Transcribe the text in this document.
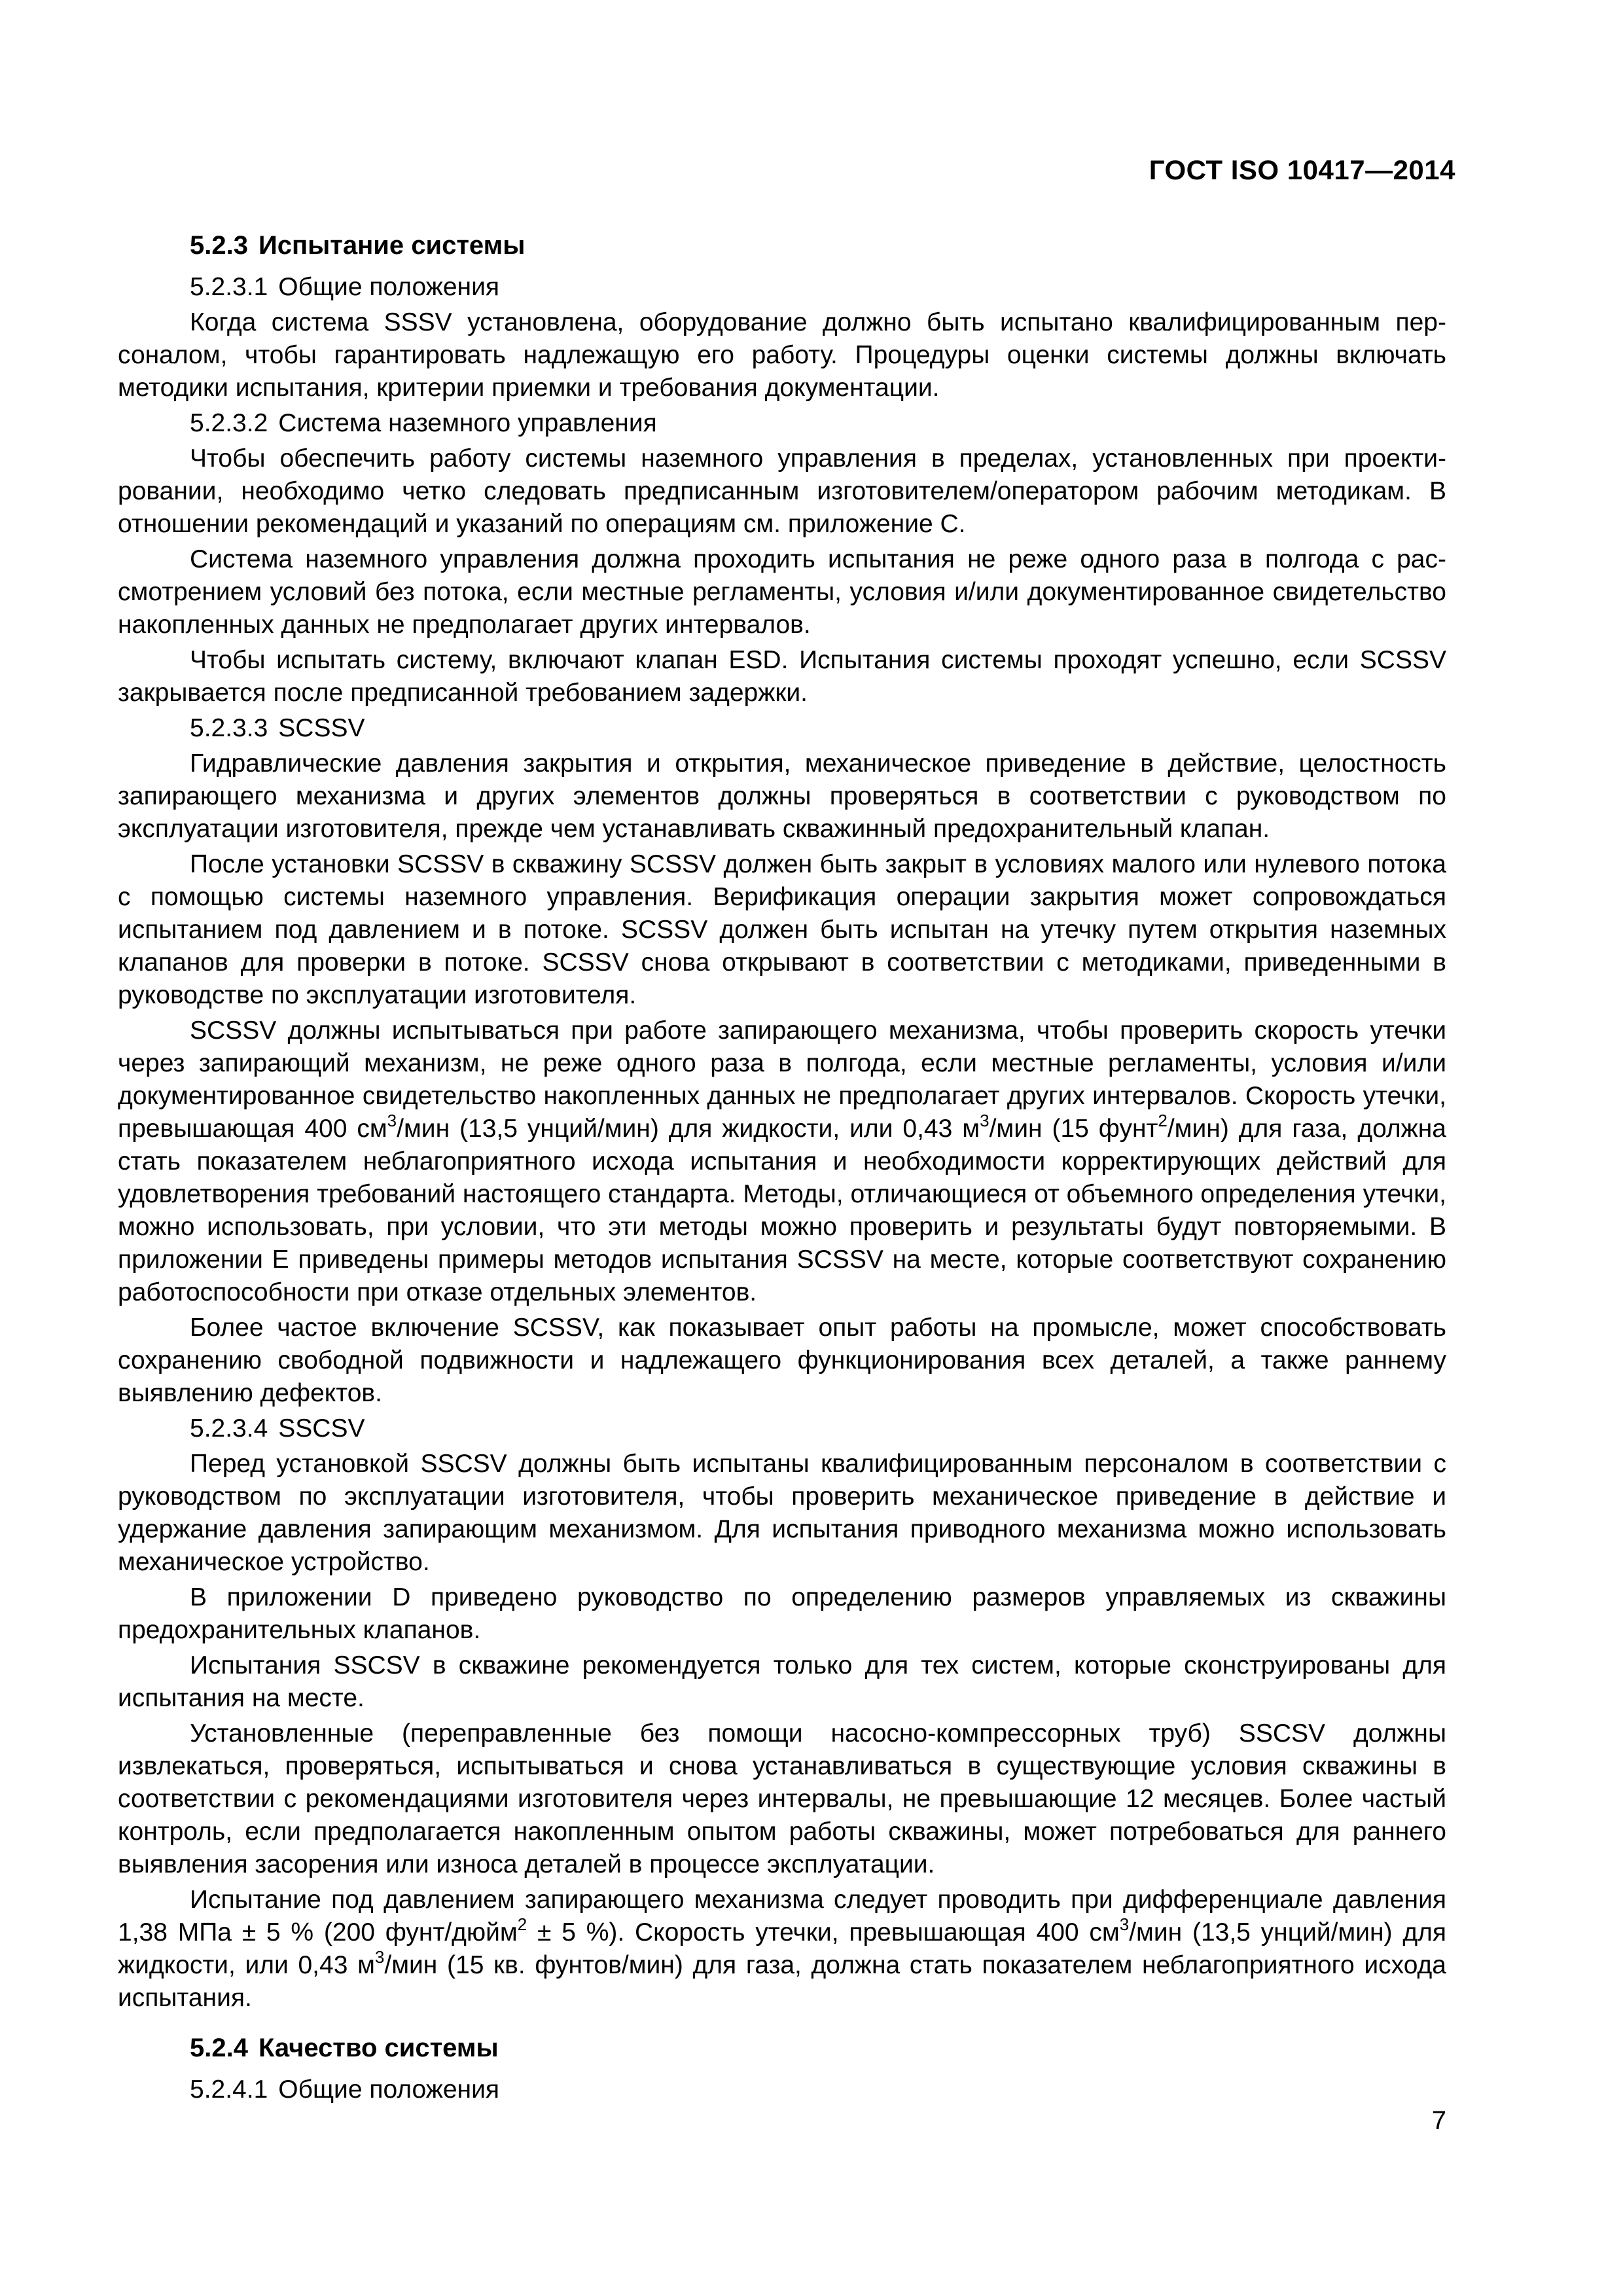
ГОСТ ISO 10417—2014
5.2.3 Испытание системы
5.2.3.1 Общие положения

Когда система SSSV установлена, оборудование должно быть испытано квалифицированным персоналом, чтобы гарантировать надлежащую его работу. Процедуры оценки системы должны включать методики испытания, критерии приемки и требования документации.

5.2.3.2 Система наземного управления

Чтобы обеспечить работу системы наземного управления в пределах, установленных при проектировании, необходимо четко следовать предписанным изготовителем/оператором рабочим методикам. В отношении рекомендаций и указаний по операциям см. приложение С.

Система наземного управления должна проходить испытания не реже одного раза в полгода с рассмотрением условий без потока, если местные регламенты, условия и/или документированное свидетельство накопленных данных не предполагает других интервалов.

Чтобы испытать систему, включают клапан ESD. Испытания системы проходят успешно, если SCSSV закрывается после предписанной требованием задержки.

5.2.3.3 SCSSV

Гидравлические давления закрытия и открытия, механическое приведение в действие, целостность запирающего механизма и других элементов должны проверяться в соответствии с руководством по эксплуатации изготовителя, прежде чем устанавливать скважинный предохранительный клапан.

После установки SCSSV в скважину SCSSV должен быть закрыт в условиях малого или нулевого потока с помощью системы наземного управления. Верификация операции закрытия может сопровождаться испытанием под давлением и в потоке. SCSSV должен быть испытан на утечку путем открытия наземных клапанов для проверки в потоке. SCSSV снова открывают в соответствии с методиками, приведенными в руководстве по эксплуатации изготовителя.

SCSSV должны испытываться при работе запирающего механизма, чтобы проверить скорость утечки через запирающий механизм, не реже одного раза в полгода, если местные регламенты, условия и/или документированное свидетельство накопленных данных не предполагает других интервалов. Скорость утечки, превышающая 400 $см^3$/мин (13,5 унций/мин) для жидкости, или 0,43 $м^3$/мин (15 фунт$^2$/мин) для газа, должна стать показателем неблагоприятного исхода испытания и необходимости корректирующих действий для удовлетворения требований настоящего стандарта. Методы, отличающиеся от объемного определения утечки, можно использовать, при условии, что эти методы можно проверить и результаты будут повторяемыми. В приложении Е приведены примеры методов испытания SCSSV на месте, которые соответствуют сохранению работоспособности при отказе отдельных элементов.

Более частое включение SCSSV, как показывает опыт работы на промысле, может способствовать сохранению свободной подвижности и надлежащего функционирования всех деталей, а также раннему выявлению дефектов.

5.2.3.4 SSCSV

Перед установкой SSCSV должны быть испытаны квалифицированным персоналом в соответствии с руководством по эксплуатации изготовителя, чтобы проверить механическое приведение в действие и удержание давления запирающим механизмом. Для испытания приводного механизма можно использовать механическое устройство.

В приложении D приведено руководство по определению размеров управляемых из скважины предохранительных клапанов.

Испытания SSCSV в скважине рекомендуется только для тех систем, которые сконструированы для испытания на месте.

Установленные (переправленные без помощи насосно-компрессорных труб) SSCSV должны извлекаться, проверяться, испытываться и снова устанавливаться в существующие условия скважины в соответствии с рекомендациями изготовителя через интервалы, не превышающие 12 месяцев. Более частый контроль, если предполагается накопленным опытом работы скважины, может потребоваться для раннего выявления засорения или износа деталей в процессе эксплуатации.

Испытание под давлением запирающего механизма следует проводить при дифференциале давления 1,38 МПа ± 5 % (200 фунт/дюйм$^2$ ± 5 %). Скорость утечки, превышающая 400 $см^3$/мин (13,5 унций/мин) для жидкости, или 0,43 $м^3$/мин (15 кв. фунтов/мин) для газа, должна стать показателем неблагоприятного исхода испытания.

5.2.4 Качество системы
5.2.4.1 Общие положения
7
